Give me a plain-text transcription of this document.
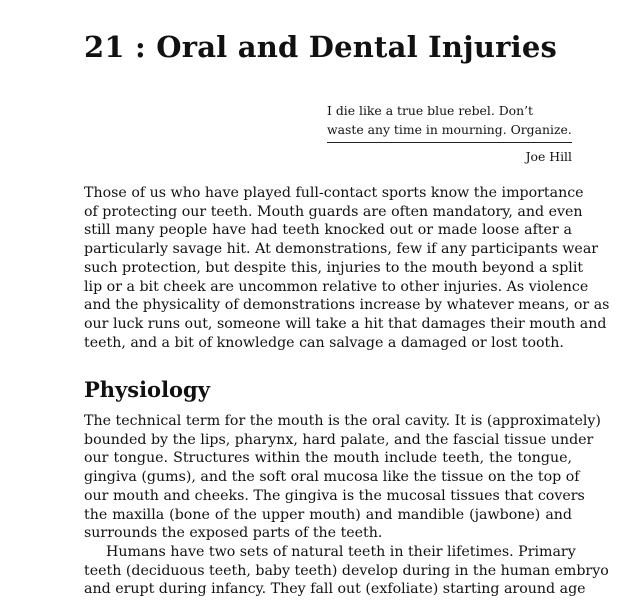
21 : Oral and Dental Injuries

I die like a true blue rebel. Don’t

waste any time in mourning. Organize.

Joe Hill

Those of us who have played full-contact sports know the importance
of protecting our teeth. Mouth guards are often mandatory, and even
still many people have had teeth knocked out or made loose after a
particularly savage hit. At demonstrations, few if any participants wear
such protection, but despite this, injuries to the mouth beyond a split
lip or a bit cheek are uncommon relative to other injuries. As violence
and the physicality of demonstrations increase by whatever means, or as
our luck runs out, someone will take a hit that damages their mouth and
teeth, and a bit of knowledge can salvage a damaged or lost tooth.
Physiology
The technical term for the mouth is the oral cavity. It is (approximately)
bounded by the lips, pharynx, hard palate, and the fascial tissue under
our tongue. Structures within the mouth include teeth, the tongue,
gingiva (gums), and the soft oral mucosa like the tissue on the top of
our mouth and cheeks. The gingiva is the mucosal tissues that covers
the maxilla (bone of the upper mouth) and mandible (jawbone) and
surrounds the exposed parts of the teeth.
Humans have two sets of natural teeth in their lifetimes. Primary
teeth (deciduous teeth, baby teeth) develop during in the human embryo
and erupt during infancy. They fall out (exfoliate) starting around age
